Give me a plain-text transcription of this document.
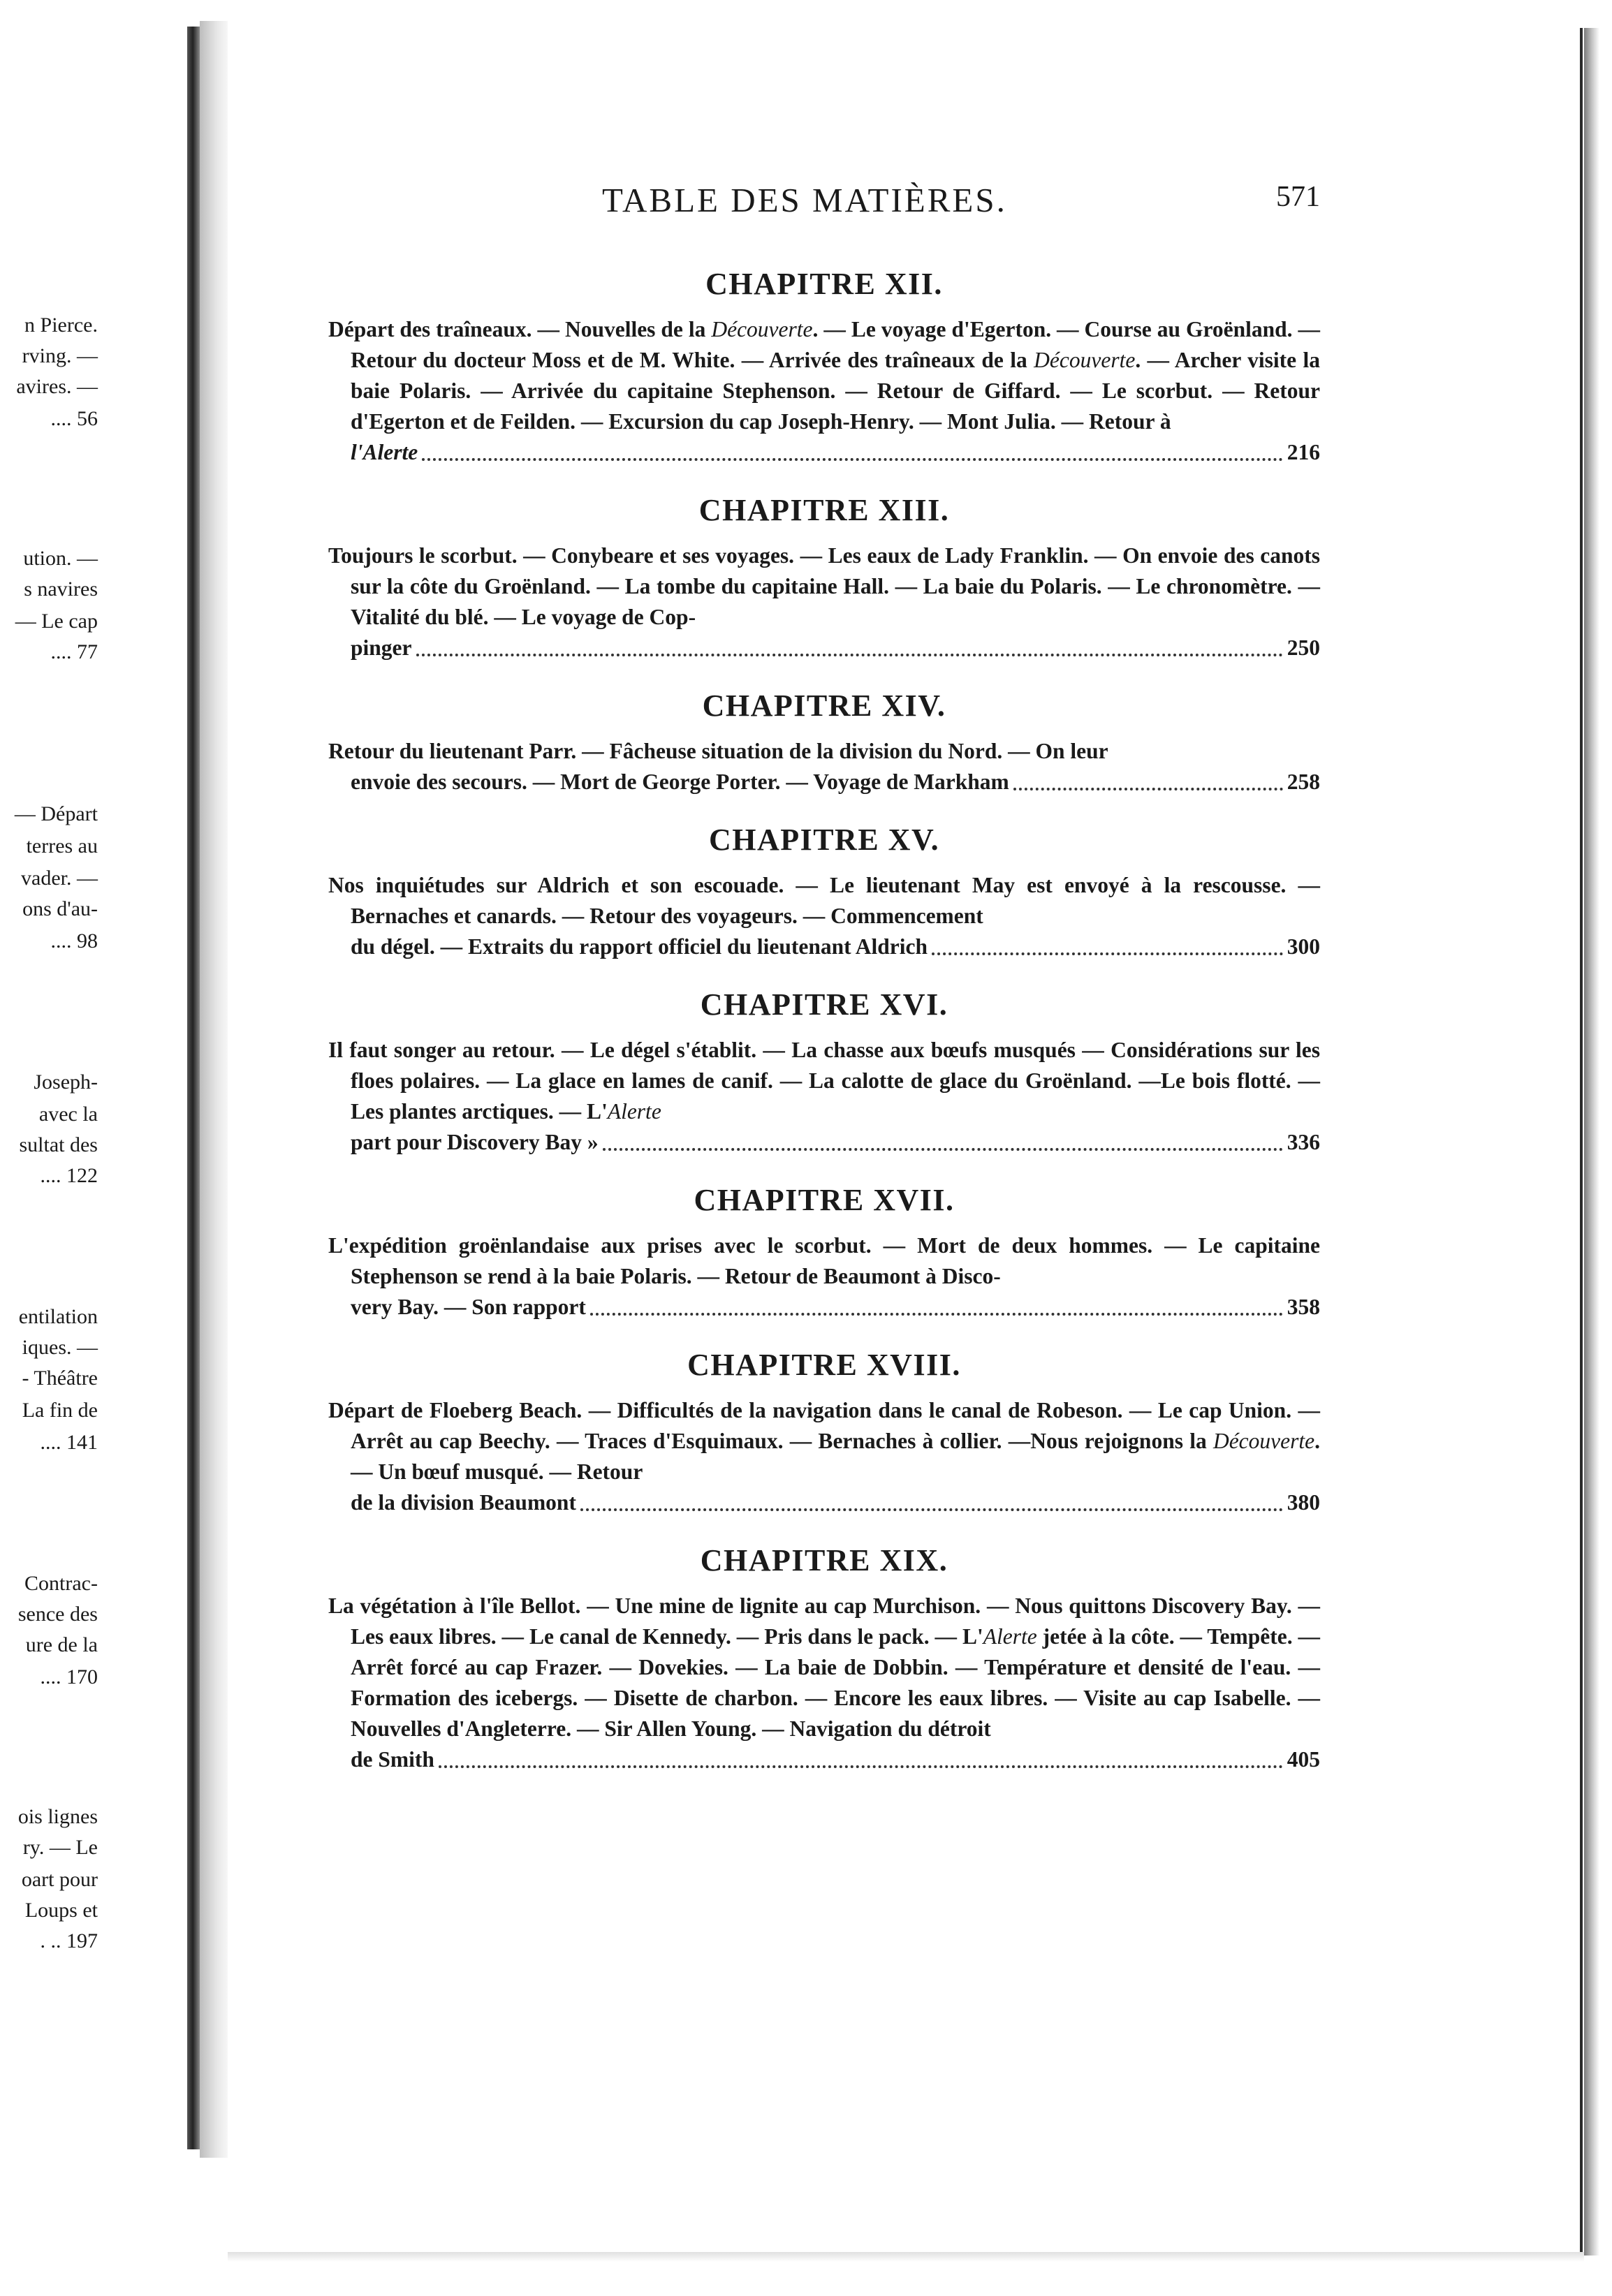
n Pierce.
rving. —
avires. —
.... 56
ution. —
s navires
— Le cap
.... 77
— Départ
terres au
vader. —
ons d'au-
.... 98
Joseph-
avec la
sultat des
.... 122
entilation
iques. —
- Théâtre
La fin de
.... 141
Contrac-
sence des
ure de la
.... 170
ois lignes
ry. — Le
oart pour
Loups et
. .. 197
TABLE DES MATIÈRES.	571
CHAPITRE XII.

Départ des traîneaux. — Nouvelles de la Découverte. — Le voyage d'Egerton. — Course au Groënland. — Retour du docteur Moss et de M. White. — Arrivée des traîneaux de la Découverte. — Archer visite la baie Polaris. — Arrivée du capitaine Stephenson. — Retour de Giffard. — Le scorbut. — Retour d'Egerton et de Feilden. — Excursion du cap Joseph-Henry. — Mont Julia. — Retour à

l'Alerte	216

CHAPITRE XIII.

Toujours le scorbut. — Conybeare et ses voyages. — Les eaux de Lady Franklin. — On envoie des canots sur la côte du Groënland. — La tombe du capitaine Hall. — La baie du Polaris. — Le chronomètre. — Vitalité du blé. — Le voyage de Cop-

pinger	250

CHAPITRE XIV.

Retour du lieutenant Parr. — Fâcheuse situation de la division du Nord. — On leur

envoie des secours. — Mort de George Porter. — Voyage de Markham	258

CHAPITRE XV.

Nos inquiétudes sur Aldrich et son escouade. — Le lieutenant May est envoyé à la rescousse. — Bernaches et canards. — Retour des voyageurs. — Commencement

du dégel. — Extraits du rapport officiel du lieutenant Aldrich	300

CHAPITRE XVI.

Il faut songer au retour. — Le dégel s'établit. — La chasse aux bœufs musqués — Considérations sur les floes polaires. — La glace en lames de canif. — La calotte de glace du Groënland. —Le bois flotté. — Les plantes arctiques. — L'Alerte

part pour Discovery Bay »	336

CHAPITRE XVII.

L'expédition groënlandaise aux prises avec le scorbut. — Mort de deux hommes. — Le capitaine Stephenson se rend à la baie Polaris. — Retour de Beaumont à Disco-

very Bay. — Son rapport	358

CHAPITRE XVIII.

Départ de Floeberg Beach. — Difficultés de la navigation dans le canal de Robeson. — Le cap Union. — Arrêt au cap Beechy. — Traces d'Esquimaux. — Bernaches à collier. —Nous rejoignons la Découverte. — Un bœuf musqué. — Retour

de la division Beaumont	380

CHAPITRE XIX.

La végétation à l'île Bellot. — Une mine de lignite au cap Murchison. — Nous quittons Discovery Bay. — Les eaux libres. — Le canal de Kennedy. — Pris dans le pack. — L'Alerte jetée à la côte. — Tempête. — Arrêt forcé au cap Frazer. — Dovekies. — La baie de Dobbin. — Température et densité de l'eau. — Formation des icebergs. — Disette de charbon. — Encore les eaux libres. — Visite au cap Isabelle. — Nouvelles d'Angleterre. — Sir Allen Young. — Navigation du détroit

de Smith	405
